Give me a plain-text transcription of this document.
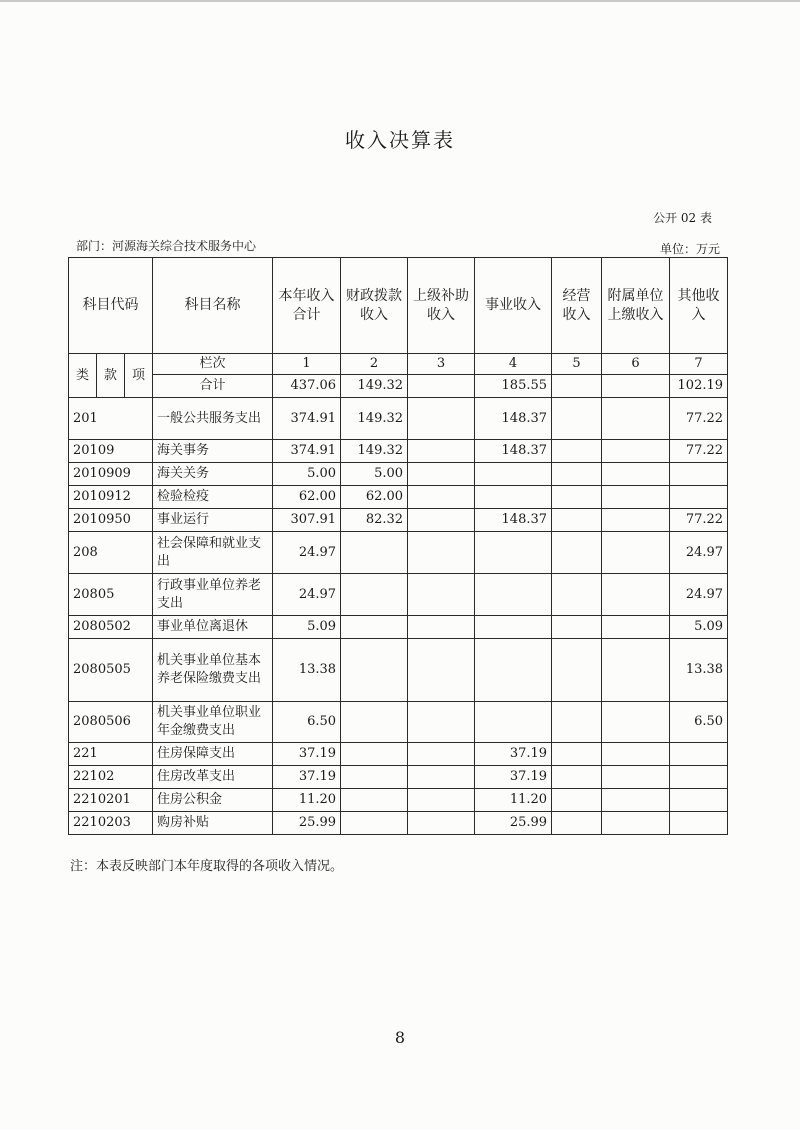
收入决算表
公开 02 表
部门：河源海关综合技术服务中心	单位：万元
科目代码			科目名称	本年收入合计	财政拨款收入	上级补助收入	事业收入	经营收入	附属单位上缴收入	其他收入
类	款	项	栏次	1	2	3	4	5	6	7
			合计	437.06	149.32		185.55			102.19
201			一般公共服务支出	374.91	149.32		148.37			77.22
20109			海关事务	374.91	149.32		148.37			77.22
2010909			海关关务	5.00	5.00					
2010912			检验检疫	62.00	62.00					
2010950			事业运行	307.91	82.32		148.37			77.22
208			社会保障和就业支出	24.97						24.97
20805			行政事业单位养老支出	24.97						24.97
2080502			事业单位离退休	5.09						5.09
2080505			机关事业单位基本养老保险缴费支出	13.38						13.38
2080506			机关事业单位职业年金缴费支出	6.50						6.50
221			住房保障支出	37.19			37.19			
22102			住房改革支出	37.19			37.19			
2210201			住房公积金	11.20			11.20			
2210203			购房补贴	25.99			25.99			
注：本表反映部门本年度取得的各项收入情况。
8
